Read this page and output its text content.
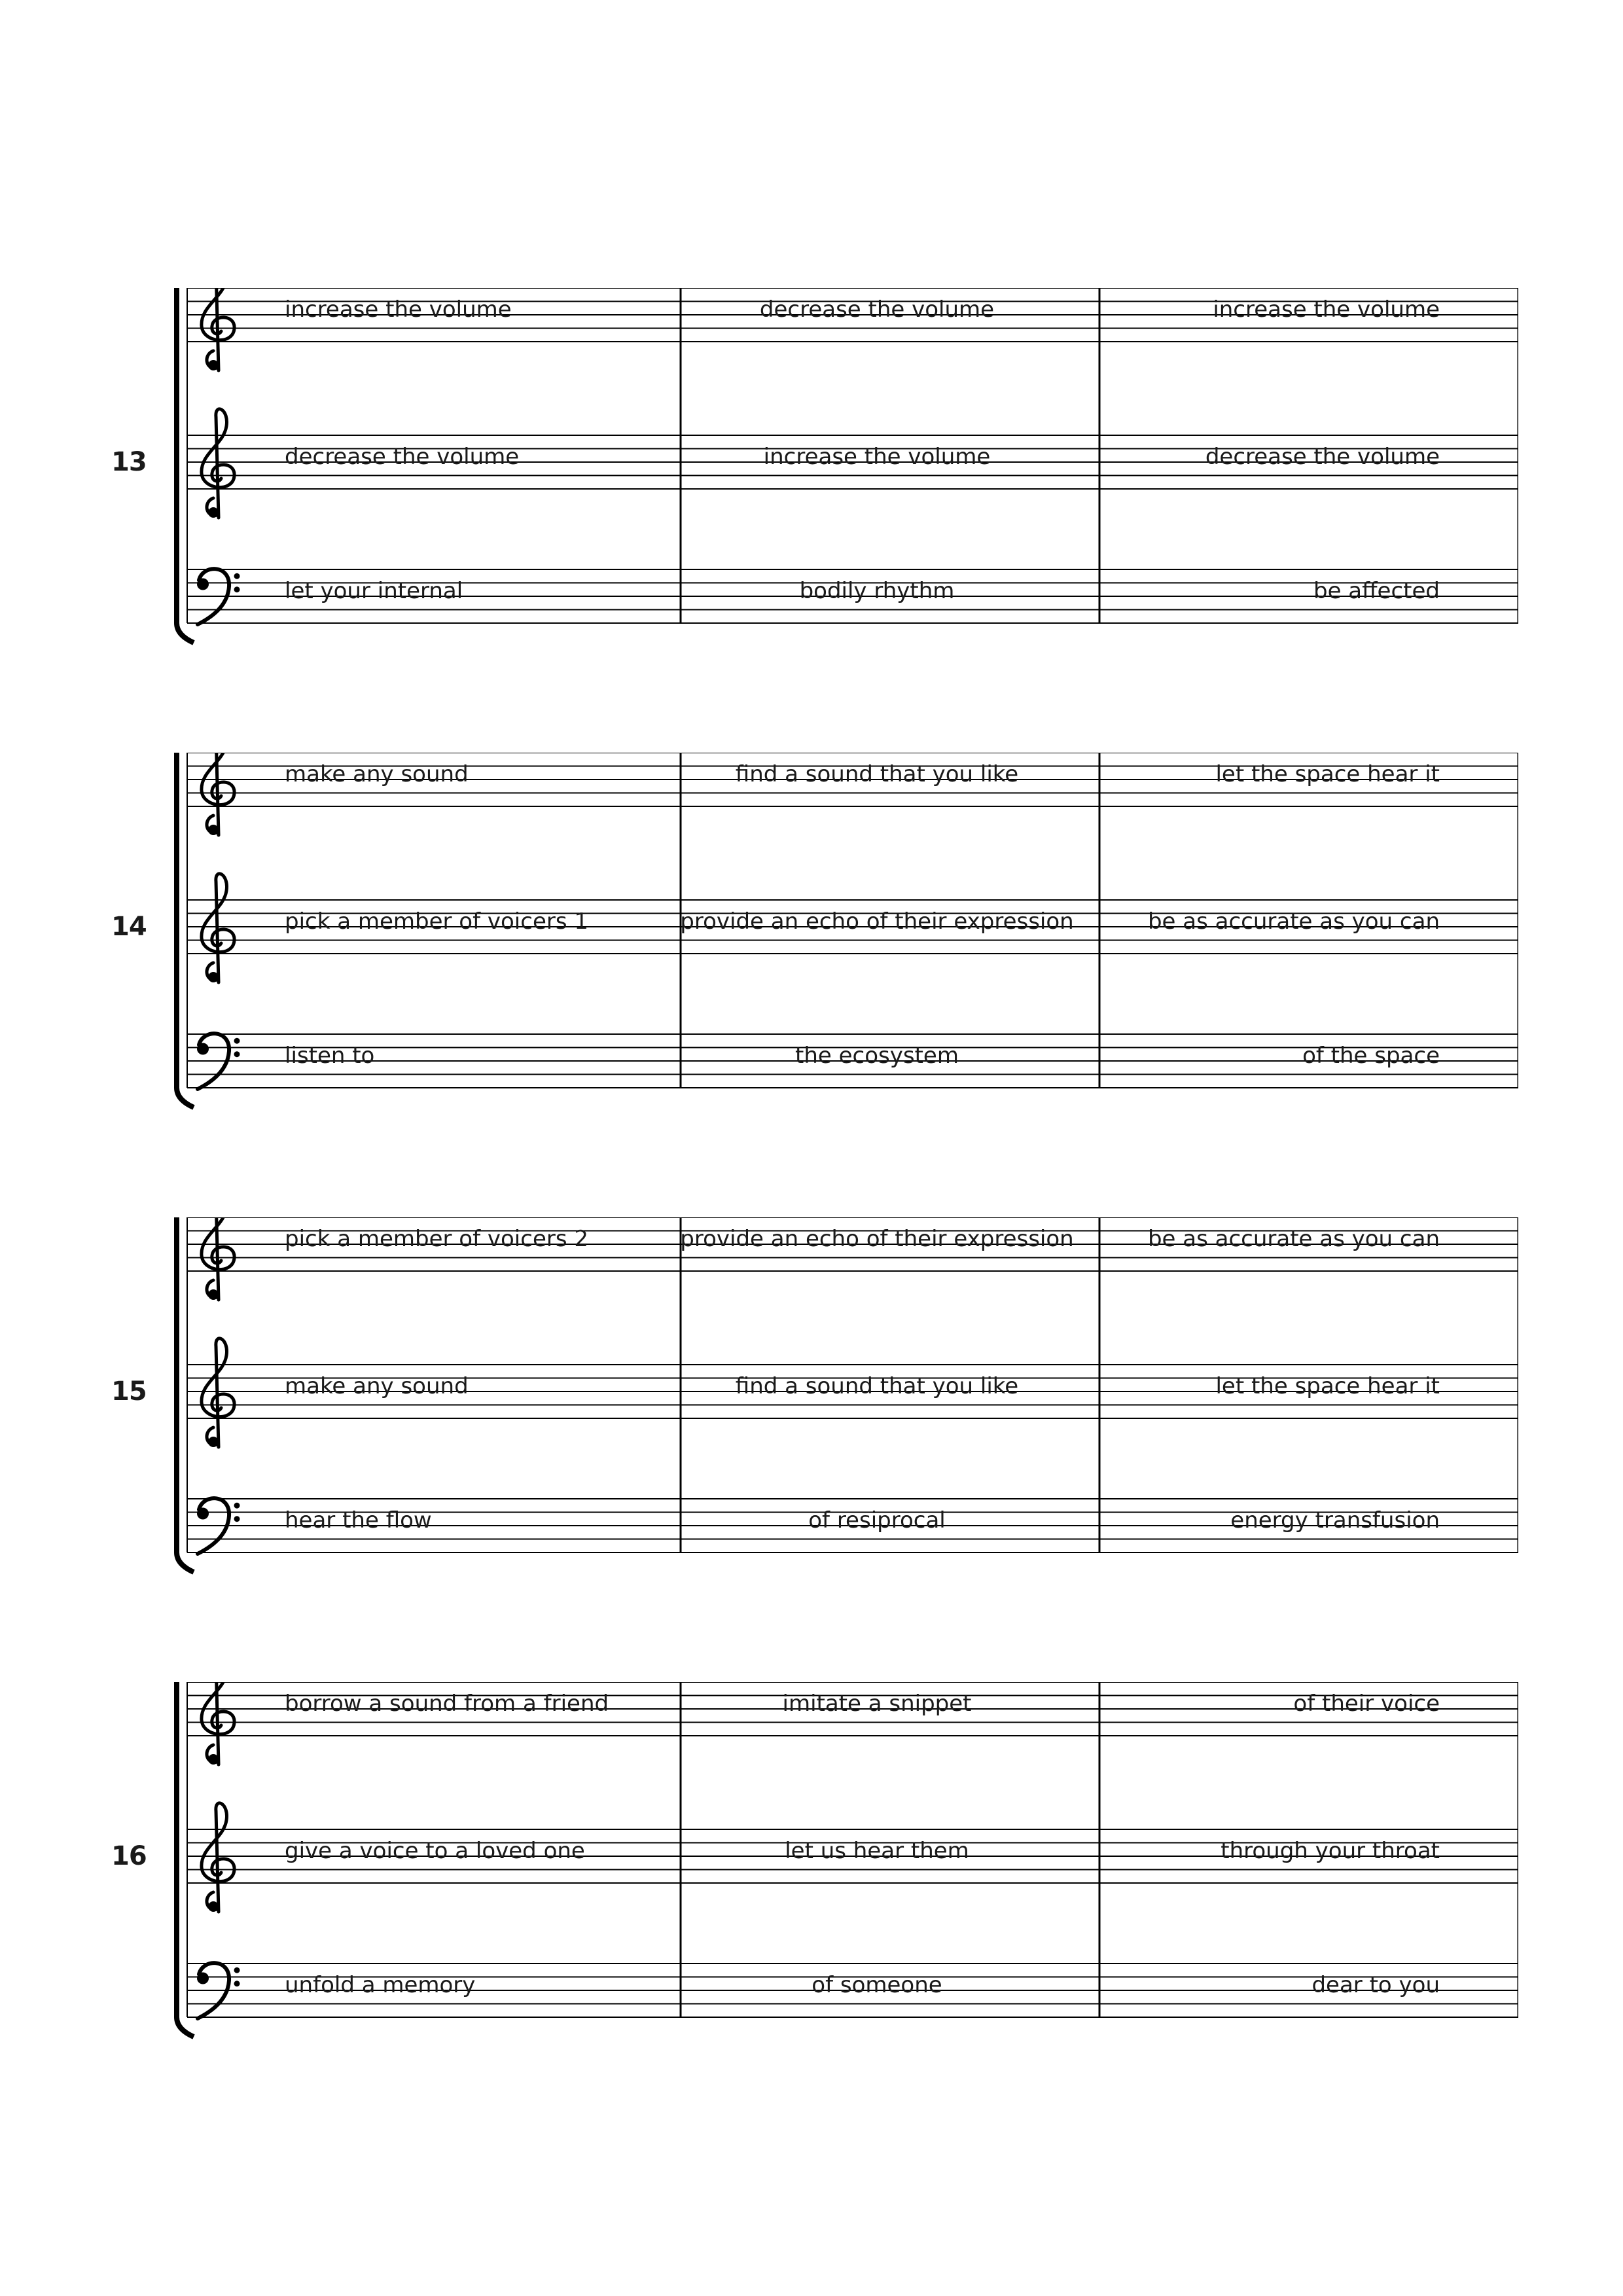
13
increase the volume	decrease the volume	increase the volume
decrease the volume	increase the volume	decrease the volume
let your internal	bodily rhythm	be affected
14
make any sound	find a sound that you like	let the space hear it
pick a member of voicers 1	provide an echo of their expression	be as accurate as you can
listen to	the ecosystem	of the space
15
pick a member of voicers 2	provide an echo of their expression	be as accurate as you can
make any sound	find a sound that you like	let the space hear it
hear the flow	of resiprocal	energy transfusion
16
borrow a sound from a friend	imitate a snippet	of their voice
give a voice to a loved one	let us hear them	through your throat
unfold a memory	of someone	dear to you
